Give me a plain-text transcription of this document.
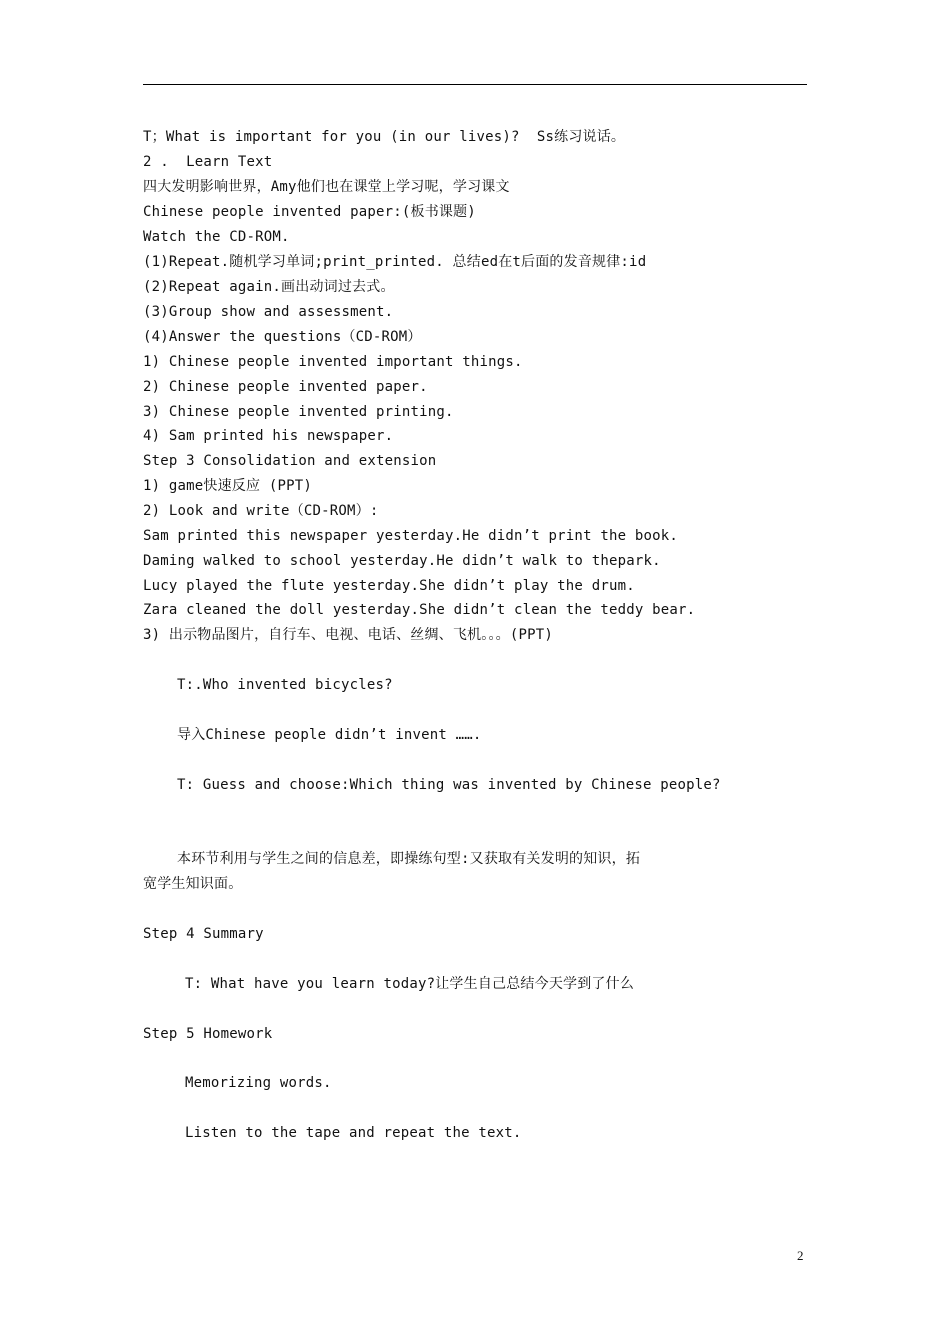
T；What is important for you (in our lives)?  Ss练习说话。
2 .  Learn Text
四大发明影响世界，Amy他们也在课堂上学习呢，学习课文
Chinese people invented paper:(板书课题)
Watch the CD-ROM.
(1)Repeat.随机学习单词;print_printed. 总结ed在t后面的发音规律:id
(2)Repeat again.画出动词过去式。
(3)Group show and assessment.
(4)Answer the questions（CD-ROM）
1) Chinese people invented important things.
2) Chinese people invented paper.
3) Chinese people invented printing.
4) Sam printed his newspaper.
Step 3 Consolidation and extension
1) game快速反应 (PPT)
2) Look and write（CD-ROM）:
Sam printed this newspaper yesterday.He didn’t print the book.
Daming walked to school yesterday.He didn’t walk to thepark.
Lucy played the flute yesterday.She didn’t play the drum.
Zara cleaned the doll yesterday.She didn’t clean the teddy bear.
3) 出示物品图片，自行车、电视、电话、丝绸、飞机。。。(PPT)
T:.Who invented bicycles?
导入Chinese people didn’t invent …….
T: Guess and choose:Which thing was invented by Chinese people?
本环节利用与学生之间的信息差，即操练句型:又获取有关发明的知识，拓
宽学生知识面。
Step 4 Summary
T: What have you learn today?让学生自己总结今天学到了什么
Step 5 Homework
Memorizing words.
Listen to the tape and repeat the text.
2
